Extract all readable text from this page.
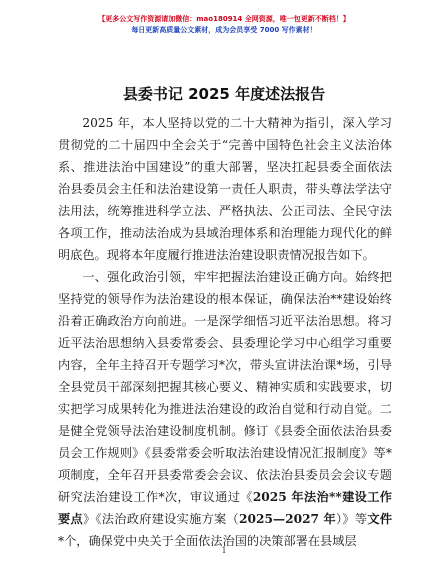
【更多公文写作资源请加微信：mao180914 全网资源，唯一包更新不断档！】
每日更新高质量公文素材，成为会员享受 7000 写作素材！
县委书记 2025 年度述法报告

2025 年，本人坚持以党的二十大精神为指引，深入学习贯彻党的二十届四中全会关于“完善中国特色社会主义法治体系、推进法治中国建设”的重大部署，坚决扛起县委全面依法治县委员会主任和法治建设第一责任人职责，带头尊法学法守法用法，统筹推进科学立法、严格执法、公正司法、全民守法各项工作，推动法治成为县域治理体系和治理能力现代化的鲜明底色。现将本年度履行推进法治建设职责情况报告如下。

一、强化政治引领，牢牢把握法治建设正确方向。始终把坚持党的领导作为法治建设的根本保证，确保法治**建设始终沿着正确政治方向前进。一是深学细悟习近平法治思想。将习近平法治思想纳入县委常委会、县委理论学习中心组学习重要内容，全年主持召开专题学习*次，带头宣讲法治课*场，引导全县党员干部深刻把握其核心要义、精神实质和实践要求，切实把学习成果转化为推进法治建设的政治自觉和行动自觉。二是健全党领导法治建设制度机制。修订《县委全面依法治县委员会工作规则》《县委常委会听取法治建设情况汇报制度》等*项制度，全年召开县委常委会会议、依法治县委员会会议专题研究法治建设工作*次，审议通过《2025 年法治**建设工作要点》《法治政府建设实施方案（2025—2027 年）》等文件*个，确保党中央关于全面依法治国的决策部署在县域层

1
